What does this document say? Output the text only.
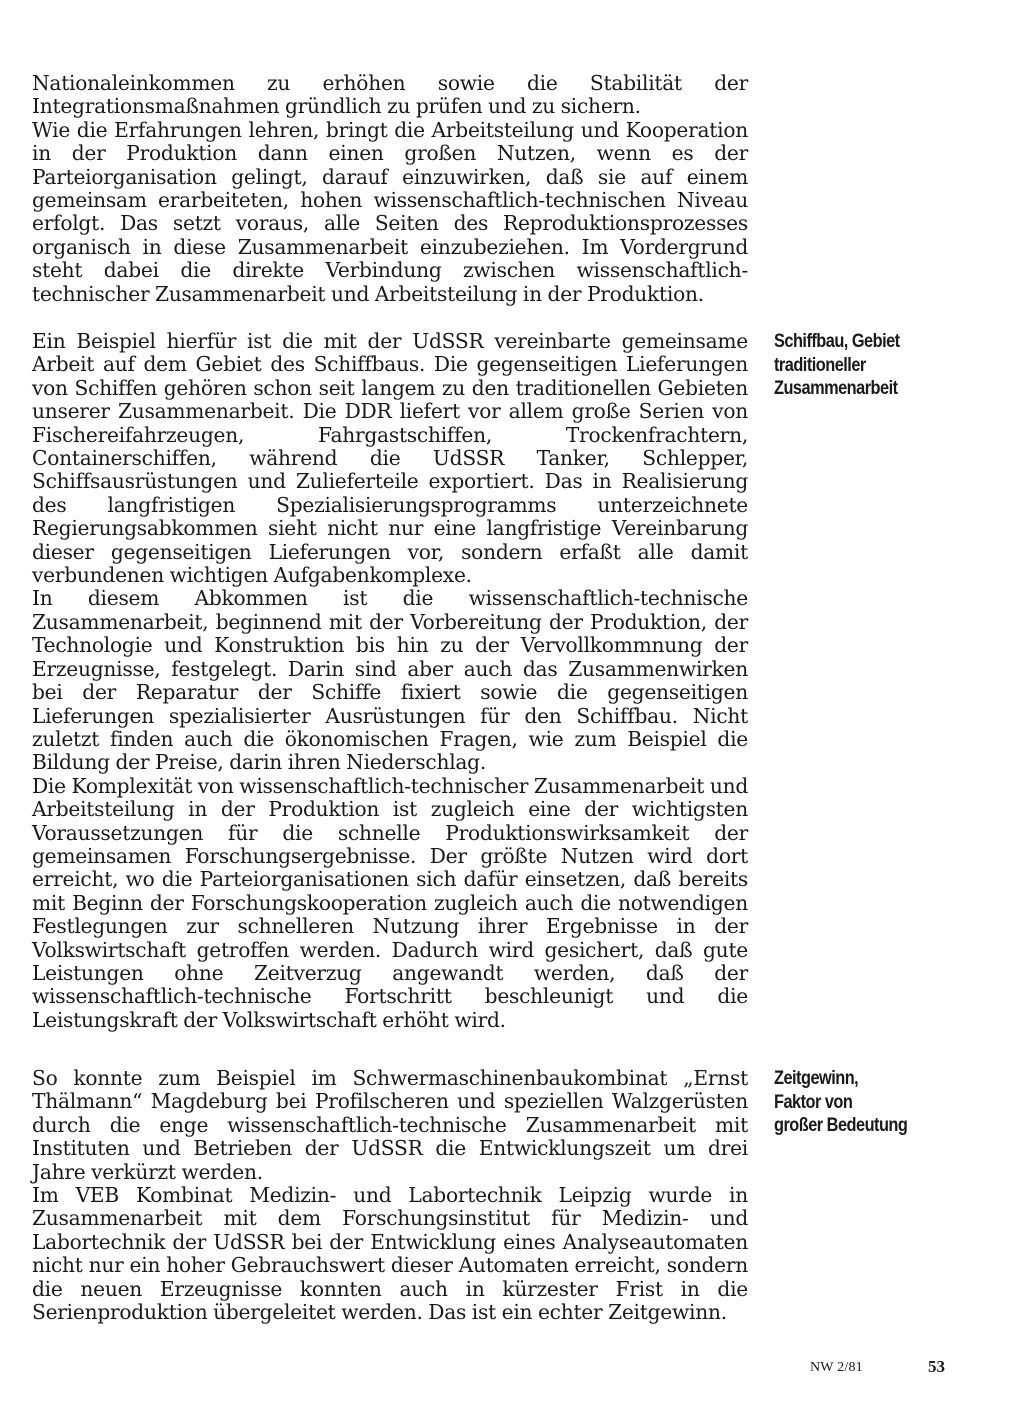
Nationaleinkommen zu erhöhen sowie die Stabilität der Integrationsmaßnahmen gründlich zu prüfen und zu sichern.

Wie die Erfahrungen lehren, bringt die Arbeitsteilung und Kooperation in der Produktion dann einen großen Nutzen, wenn es der Parteiorganisation gelingt, darauf einzuwirken, daß sie auf einem gemeinsam erarbeiteten, hohen wissenschaftlich-technischen Niveau erfolgt. Das setzt voraus, alle Seiten des Reproduktionsprozesses organisch in diese Zusammenarbeit einzubeziehen. Im Vordergrund steht dabei die direkte Verbindung zwischen wissenschaftlich-technischer Zusammenarbeit und Arbeitsteilung in der Produktion.

Ein Beispiel hierfür ist die mit der UdSSR vereinbarte gemeinsame Arbeit auf dem Gebiet des Schiffbaus. Die gegenseitigen Lieferungen von Schiffen gehören schon seit langem zu den traditionellen Gebieten unserer Zusammenarbeit. Die DDR liefert vor allem große Serien von Fischereifahrzeugen, Fahrgastschiffen, Trockenfrachtern, Containerschiffen, während die UdSSR Tanker, Schlepper, Schiffsausrüstungen und Zulieferteile exportiert. Das in Realisierung des langfristigen Spezialisierungsprogramms unterzeichnete Regierungsabkommen sieht nicht nur eine langfristige Vereinbarung dieser gegenseitigen Lieferungen vor, sondern erfaßt alle damit verbundenen wichtigen Aufgabenkomplexe.

In diesem Abkommen ist die wissenschaftlich-technische Zusammenarbeit, beginnend mit der Vorbereitung der Produktion, der Technologie und Konstruktion bis hin zu der Vervollkommnung der Erzeugnisse, festgelegt. Darin sind aber auch das Zusammenwirken bei der Reparatur der Schiffe fixiert sowie die gegenseitigen Lieferungen spezialisierter Ausrüstungen für den Schiffbau. Nicht zuletzt finden auch die ökonomischen Fragen, wie zum Beispiel die Bildung der Preise, darin ihren Niederschlag.

Die Komplexität von wissenschaftlich-technischer Zusammenarbeit und Arbeitsteilung in der Produktion ist zugleich eine der wichtigsten Voraussetzungen für die schnelle Produktionswirksamkeit der gemeinsamen Forschungsergebnisse. Der größte Nutzen wird dort erreicht, wo die Parteiorganisationen sich dafür einsetzen, daß bereits mit Beginn der Forschungskooperation zugleich auch die notwendigen Festlegungen zur schnelleren Nutzung ihrer Ergebnisse in der Volkswirtschaft getroffen werden. Dadurch wird gesichert, daß gute Leistungen ohne Zeitverzug angewandt werden, daß der wissenschaftlich-technische Fortschritt beschleunigt und die Leistungskraft der Volkswirtschaft erhöht wird.

Schiffbau, Gebiet
traditioneller
Zusammenarbeit

So konnte zum Beispiel im Schwermaschinenbaukombinat „Ernst Thälmann“ Magdeburg bei Profilscheren und speziellen Walzgerüsten durch die enge wissenschaftlich-technische Zusammenarbeit mit Instituten und Betrieben der UdSSR die Entwicklungszeit um drei Jahre verkürzt werden.

Im VEB Kombinat Medizin- und Labortechnik Leipzig wurde in Zusammenarbeit mit dem Forschungsinstitut für Medizin- und Labortechnik der UdSSR bei der Entwicklung eines Analyseautomaten nicht nur ein hoher Gebrauchswert dieser Automaten erreicht, sondern die neuen Erzeugnisse konnten auch in kürzester Frist in die Serienproduktion übergeleitet werden. Das ist ein echter Zeitgewinn.

Zeitgewinn,
Faktor von
großer Bedeutung
NW 2/81	53
